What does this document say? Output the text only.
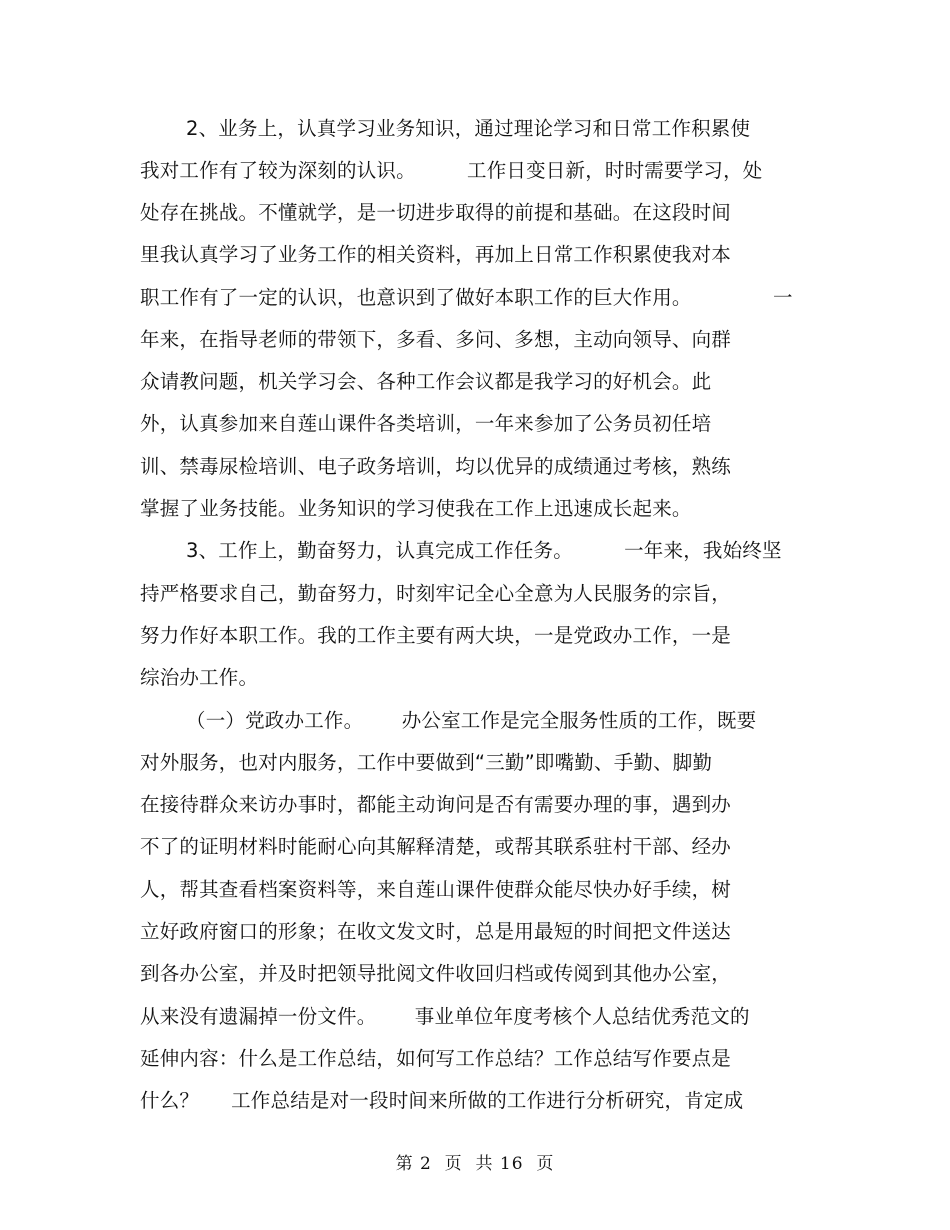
2、业务上，认真学习业务知识，通过理论学习和日常工作积累使
我对工作有了较为深刻的认识。        工作日变日新，时时需要学习，处
处存在挑战。不懂就学，是一切进步取得的前提和基础。在这段时间
里我认真学习了业务工作的相关资料，再加上日常工作积累使我对本
职工作有了一定的认识，也意识到了做好本职工作的巨大作用。	一
年来，在指导老师的带领下，多看、多问、多想，主动向领导、向群
众请教问题，机关学习会、各种工作会议都是我学习的好机会。此
外，认真参加来自莲山课件各类培训，一年来参加了公务员初任培
训、禁毒尿检培训、电子政务培训，均以优异的成绩通过考核，熟练
掌握了业务技能。业务知识的学习使我在工作上迅速成长起来。
3、工作上，勤奋努力，认真完成工作任务。        一年来，我始终坚
持严格要求自己，勤奋努力，时刻牢记全心全意为人民服务的宗旨，
努力作好本职工作。我的工作主要有两大块，一是党政办工作，一是
综治办工作。
（一）党政办工作。      办公室工作是完全服务性质的工作，既要
对外服务，也对内服务，工作中要做到“三勤”即嘴勤、手勤、脚勤
在接待群众来访办事时，都能主动询问是否有需要办理的事，遇到办
不了的证明材料时能耐心向其解释清楚，或帮其联系驻村干部、经办
人，帮其查看档案资料等，来自莲山课件使群众能尽快办好手续，树
立好政府窗口的形象；在收文发文时，总是用最短的时间把文件送达
到各办公室，并及时把领导批阅文件收回归档或传阅到其他办公室，
从来没有遗漏掉一份文件。      事业单位年度考核个人总结优秀范文的
延伸内容：什么是工作总结，如何写工作总结？工作总结写作要点是
什么？     工作总结是对一段时间来所做的工作进行分析研究，肯定成
第 2  页  共 16  页
